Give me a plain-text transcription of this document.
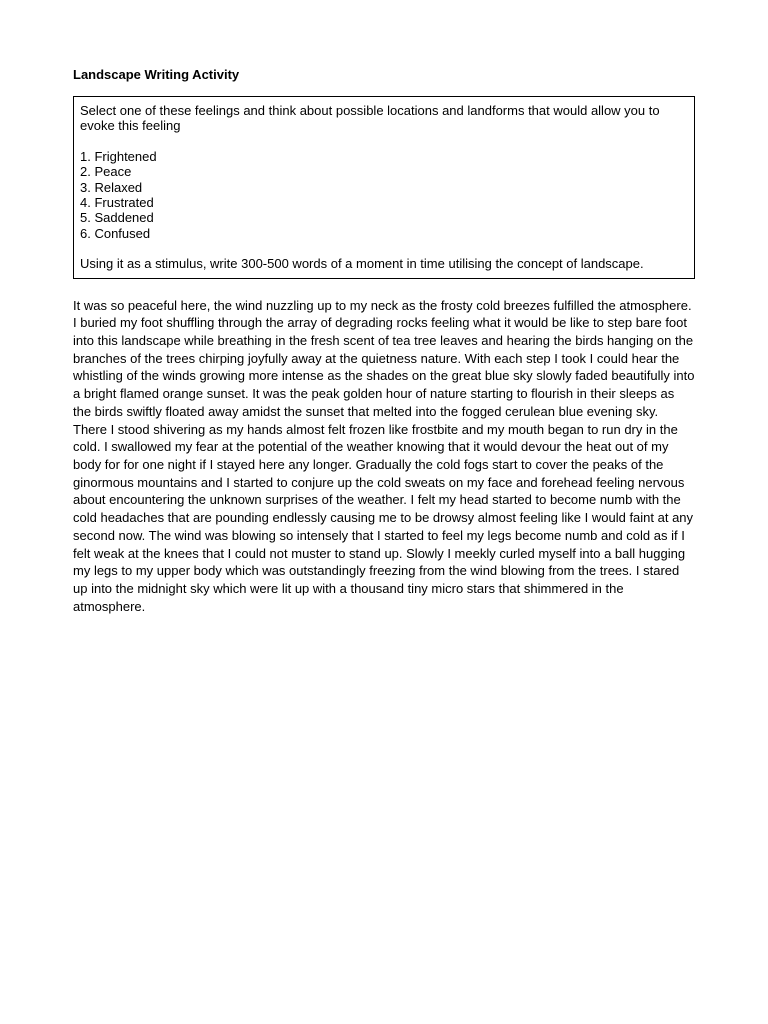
Landscape Writing Activity

Select one of these feelings and think about possible locations and landforms that would allow you to evoke this feeling

1. Frightened
2. Peace
3. Relaxed
4. Frustrated
5. Saddened
6. Confused

Using it as a stimulus, write 300-500 words of a moment in time utilising the concept of landscape.

It was so peaceful here, the wind nuzzling up to my neck as the frosty cold breezes fulfilled the atmosphere. I buried my foot shuffling through the array of degrading rocks feeling what it would be like to step bare foot into this landscape while breathing in the fresh scent of tea tree leaves and hearing the birds hanging on the branches of the trees chirping joyfully away at the quietness nature. With each step I took I could hear the whistling of the winds growing more intense as the shades on the great blue sky slowly faded beautifully into a bright flamed orange sunset. It was the peak golden hour of nature starting to flourish in their sleeps as the birds swiftly floated away amidst the sunset that melted into the fogged cerulean blue evening sky. There I stood shivering as my hands almost felt frozen like frostbite and my mouth began to run dry in the cold. I swallowed my fear at the potential of the weather knowing that it would devour the heat out of my body for for one night if I stayed here any longer. Gradually the cold fogs start to cover the peaks of the ginormous mountains and I started to conjure up the cold sweats on my face and forehead feeling nervous about encountering the unknown surprises of the weather. I felt my head started to become numb with the cold headaches that are pounding endlessly causing me to be drowsy almost feeling like I would faint at any second now. The wind was blowing so intensely that I started to feel my legs become numb and cold as if I felt weak at the knees that I could not muster to stand up. Slowly I meekly curled myself into a ball hugging my legs to my upper body which was outstandingly freezing from the wind blowing from the trees. I stared up into the midnight sky which were lit up with a thousand tiny micro stars that shimmered in the atmosphere.
